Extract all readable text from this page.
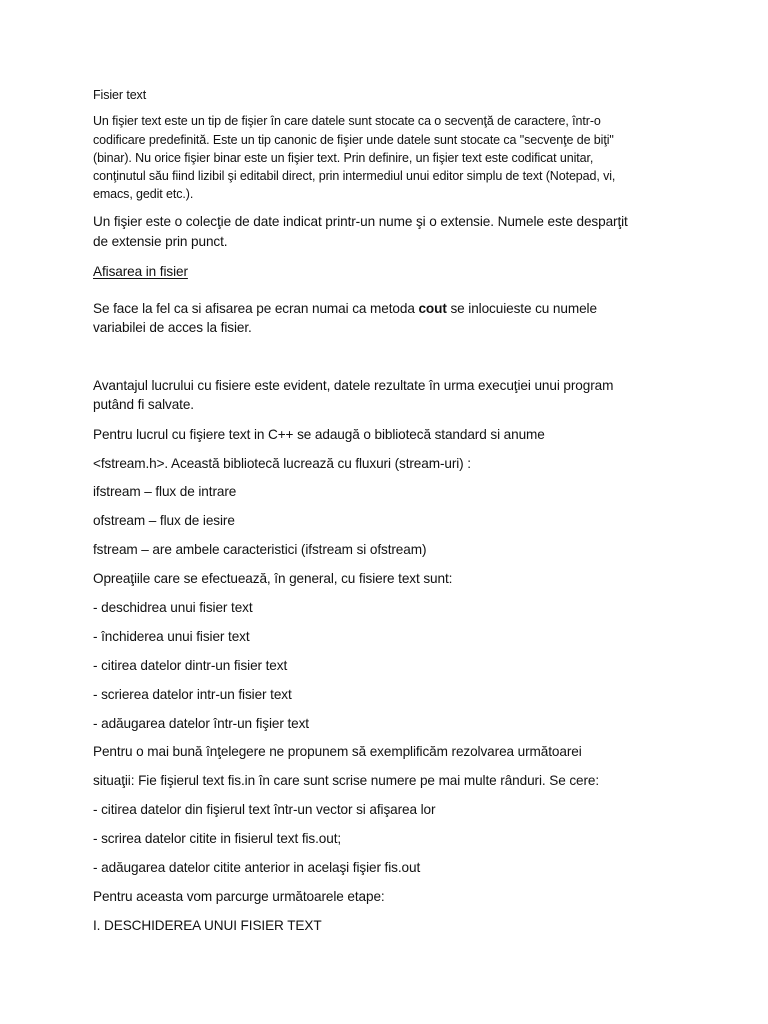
Fisier text

Un fişier text este un tip de fişier în care datele sunt stocate ca o secvenţă de caractere, într-o

codificare predefinită. Este un tip canonic de fişier unde datele sunt stocate ca "secvenţe de biţi"

(binar). Nu orice fişier binar este un fişier text. Prin definire, un fişier text este codificat unitar,

conţinutul său fiind lizibil şi editabil direct, prin intermediul unui editor simplu de text (Notepad, vi,

emacs, gedit etc.).

Un fişier este o colecţie de date indicat printr-un nume şi o extensie. Numele este desparţit

de extensie prin punct.

Afisarea in fisier

Se face la fel ca si afisarea pe ecran numai ca metoda cout se inlocuieste cu numele

variabilei de acces la fisier.

Avantajul lucrului cu fisiere este evident, datele rezultate în urma execuţiei unui program

putând fi salvate.

Pentru lucrul cu fişiere text in C++ se adaugă o bibliotecă standard si anume

<fstream.h>. Această bibliotecă lucrează cu fluxuri (stream-uri) :

ifstream – flux de intrare

ofstream – flux de iesire

fstream – are ambele caracteristici (ifstream si ofstream)

Opreaţiile care se efectuează, în general, cu fisiere text sunt:

- deschidrea unui fisier text

- închiderea unui fisier text

- citirea datelor dintr-un fisier text

- scrierea datelor intr-un fisier text

- adăugarea datelor într-un fişier text

Pentru o mai bună înţelegere ne propunem să exemplificăm rezolvarea următoarei

situaţii: Fie fişierul text fis.in în care sunt scrise numere pe mai multe rânduri. Se cere:

- citirea datelor din fişierul text într-un vector si afişarea lor

- scrirea datelor citite in fisierul text fis.out;

- adăugarea datelor citite anterior in acelaşi fişier fis.out

Pentru aceasta vom parcurge următoarele etape:

I. DESCHIDEREA UNUI FISIER TEXT
